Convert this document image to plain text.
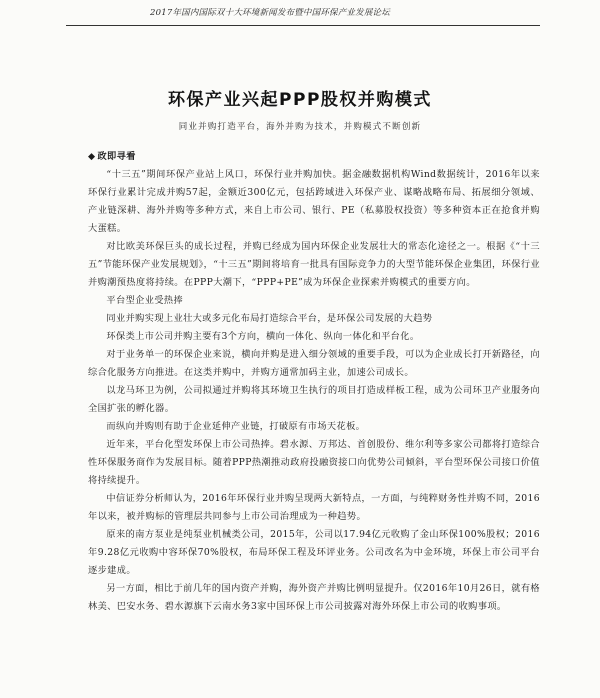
2017年国内国际双十大环境新闻发布暨中国环保产业发展论坛
环保产业兴起PPP股权并购模式
同业并购打造平台，海外并购为技术，并购模式不断创新

◆ 政即寻看

“十三五”期间环保产业站上风口，环保行业并购加快。据金融数据机构Wind数据统计，2016年以来环保行业累计完成并购57起，金额近300亿元，包括跨域进入环保产业、谋略战略布局、拓展细分领域、产业链深耕、海外并购等多种方式，来自上市公司、银行、PE（私募股权投资）等多种资本正在抢食并购大蛋糕。

对比欧美环保巨头的成长过程，并购已经成为国内环保企业发展壮大的常态化途径之一。根据《“十三五”节能环保产业发展规划》，“十三五”期间将培育一批具有国际竞争力的大型节能环保企业集团，环保行业并购潮预热度将持续。在PPP大潮下，“PPP+PE”成为环保企业探索并购模式的重要方向。

平台型企业受热捧

同业并购实现上业壮大或多元化布局打造综合平台，是环保公司发展的大趋势

环保类上市公司并购主要有3个方向，横向一体化、纵向一体化和平台化。

对于业务单一的环保企业来说，横向并购是进入细分领域的重要手段，可以为企业成长打开新路径，向综合化服务方向推进。在这类并购中，并购方通常加码主业，加速公司成长。

以龙马环卫为例，公司拟通过并购将其环境卫生执行的项目打造成样板工程，成为公司环卫产业服务向全国扩张的孵化器。

而纵向并购则有助于企业延伸产业链，打破原有市场天花板。

近年来，平台化型发环保上市公司热捧。碧水源、万邦达、首创股份、维尔利等多家公司都将打造综合性环保服务商作为发展目标。随着PPP热潮推动政府投融资接口向优势公司倾斜，平台型环保公司接口价值将持续提升。

中信证券分析师认为，2016年环保行业并购呈现两大新特点，一方面，与纯粹财务性并购不同，2016年以来，被并购标的管理层共同参与上市公司治理成为一种趋势。

原来的南方泵业是纯泵业机械类公司，2015年，公司以17.94亿元收购了金山环保100%股权；2016年9.28亿元收购中容环保70%股权，布局环保工程及环评业务。公司改名为中金环境，环保上市公司平台逐步建成。

另一方面，相比于前几年的国内资产并购，海外资产并购比例明显提升。仅2016年10月26日，就有格林美、巴安水务、碧水源旗下云南水务3家中国环保上市公司披露对海外环保上市公司的收购事项。
